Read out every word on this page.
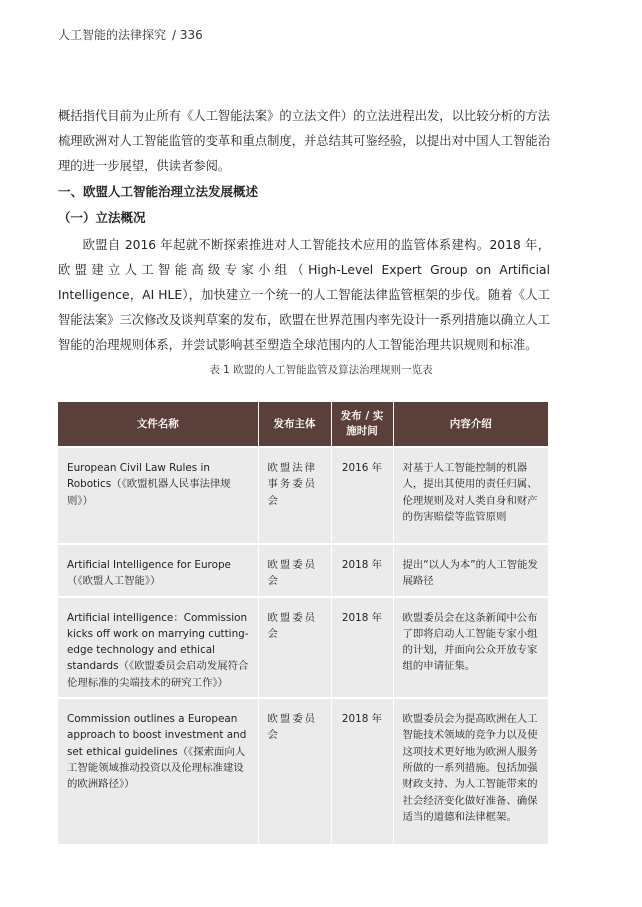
人工智能的法律探究 / 336

概括指代目前为止所有《人工智能法案》的立法文件）的立法进程出发，以比较分析的方法梳理欧洲对人工智能监管的变革和重点制度，并总结其可鉴经验，以提出对中国人工智能治理的进一步展望，供读者参阅。

一、欧盟人工智能治理立法发展概述
（一）立法概况

欧盟自 2016 年起就不断探索推进对人工智能技术应用的监管体系建构。2018 年，欧盟建立人工智能高级专家小组（High-Level Expert Group on Artificial Intelligence，AI HLE），加快建立一个统一的人工智能法律监管框架的步伐。随着《人工智能法案》三次修改及谈判草案的发布，欧盟在世界范围内率先设计一系列措施以确立人工智能的治理规则体系，并尝试影响甚至塑造全球范围内的人工智能治理共识规则和标准。

表 1 欧盟的人工智能监管及算法治理规则一览表
文件名称	发布主体	发布 / 实施时间	内容介绍
European Civil Law Rules in Robotics（《欧盟机器人民事法律规则》）	欧盟法律事务委员会	2016 年	对基于人工智能控制的机器人，提出其使用的责任归属、伦理规则及对人类自身和财产的伤害赔偿等监管原则
Artificial Intelligence for Europe（《欧盟人工智能》）	欧盟委员会	2018 年	提出“以人为本”的人工智能发展路径
Artificial intelligence：Commission kicks off work on marrying cutting-edge technology and ethical standards（《欧盟委员会启动发展符合伦理标准的尖端技术的研究工作》）	欧盟委员会	2018 年	欧盟委员会在这条新闻中公布了即将启动人工智能专家小组的计划，并面向公众开放专家组的申请征集。
Commission outlines a European approach to boost investment and set ethical guidelines（《探索面向人工智能领域推动投资以及伦理标准建设的欧洲路径》）	欧盟委员会	2018 年	欧盟委员会为提高欧洲在人工智能技术领域的竞争力以及使这项技术更好地为欧洲人服务所做的一系列措施。包括加强财政支持、为人工智能带来的社会经济变化做好准备、确保适当的道德和法律框架。
